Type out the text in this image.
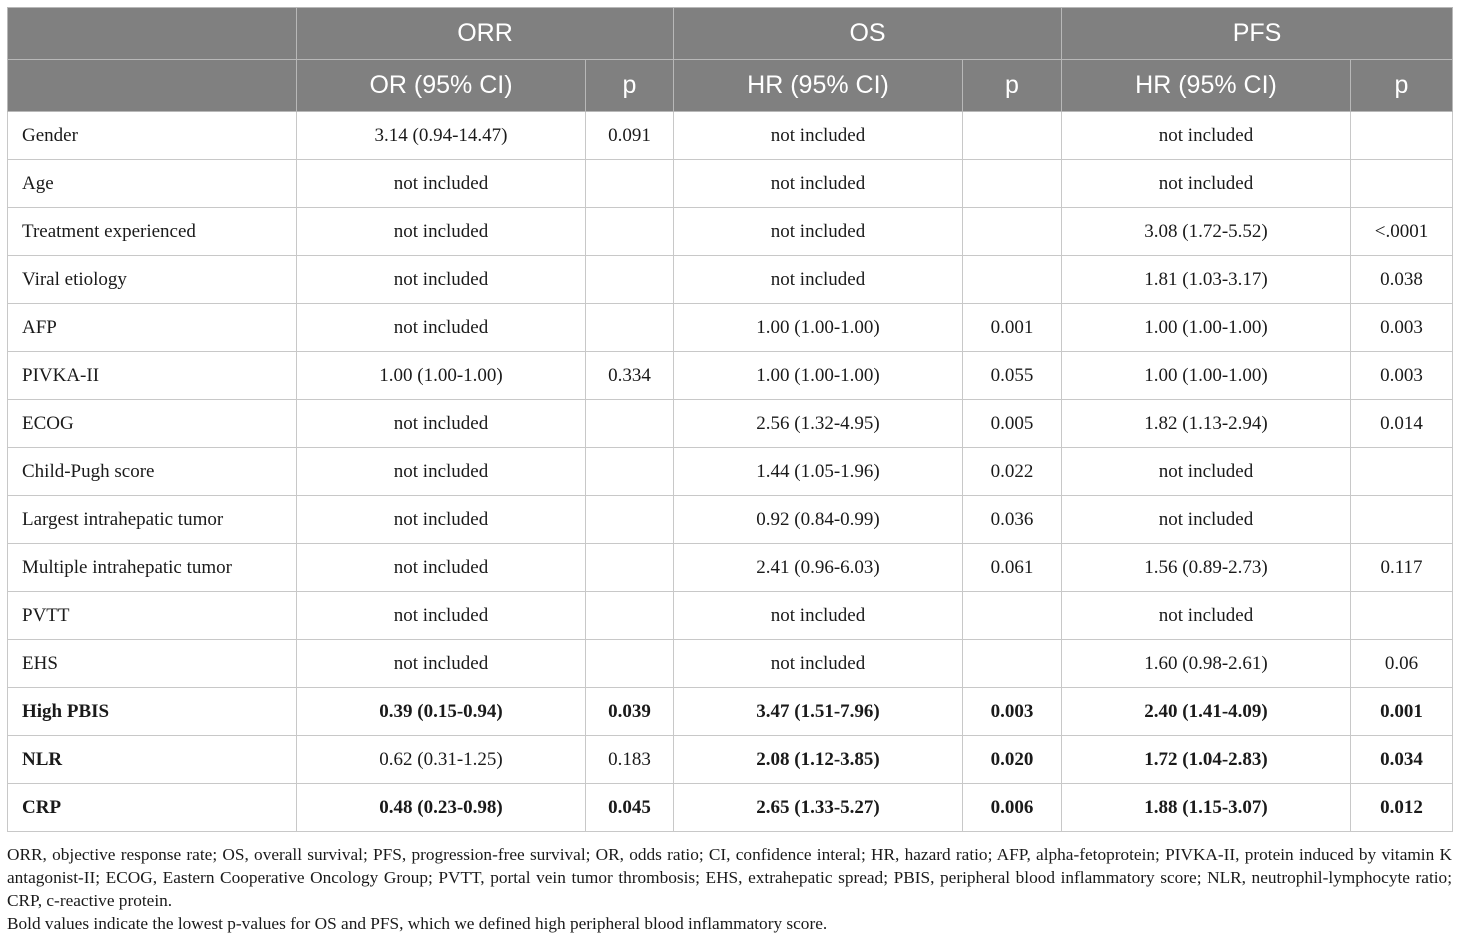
	ORR		OS		PFS	
	OR (95% CI)	p	HR (95% CI)	p	HR (95% CI)	p
Gender	3.14 (0.94-14.47)	0.091	not included		not included	
Age	not included		not included		not included	
Treatment experienced	not included		not included		3.08 (1.72-5.52)	<.0001
Viral etiology	not included		not included		1.81 (1.03-3.17)	0.038
AFP	not included		1.00 (1.00-1.00)	0.001	1.00 (1.00-1.00)	0.003
PIVKA-II	1.00 (1.00-1.00)	0.334	1.00 (1.00-1.00)	0.055	1.00 (1.00-1.00)	0.003
ECOG	not included		2.56 (1.32-4.95)	0.005	1.82 (1.13-2.94)	0.014
Child-Pugh score	not included		1.44 (1.05-1.96)	0.022	not included	
Largest intrahepatic tumor	not included		0.92 (0.84-0.99)	0.036	not included	
Multiple intrahepatic tumor	not included		2.41 (0.96-6.03)	0.061	1.56 (0.89-2.73)	0.117
PVTT	not included		not included		not included	
EHS	not included		not included		1.60 (0.98-2.61)	0.06
High PBIS	0.39 (0.15-0.94)	0.039	3.47 (1.51-7.96)	0.003	2.40 (1.41-4.09)	0.001
NLR	0.62 (0.31-1.25)	0.183	2.08 (1.12-3.85)	0.020	1.72 (1.04-2.83)	0.034
CRP	0.48 (0.23-0.98)	0.045	2.65 (1.33-5.27)	0.006	1.88 (1.15-3.07)	0.012

ORR, objective response rate; OS, overall survival; PFS, progression-free survival; OR, odds ratio; CI, confidence interal; HR, hazard ratio; AFP, alpha-fetoprotein; PIVKA-II, protein induced by vitamin K antagonist-II; ECOG, Eastern Cooperative Oncology Group; PVTT, portal vein tumor thrombosis; EHS, extrahepatic spread; PBIS, peripheral blood inflammatory score; NLR, neutrophil-lymphocyte ratio; CRP, c-reactive protein.

Bold values indicate the lowest p-values for OS and PFS, which we defined high peripheral blood inflammatory score.
